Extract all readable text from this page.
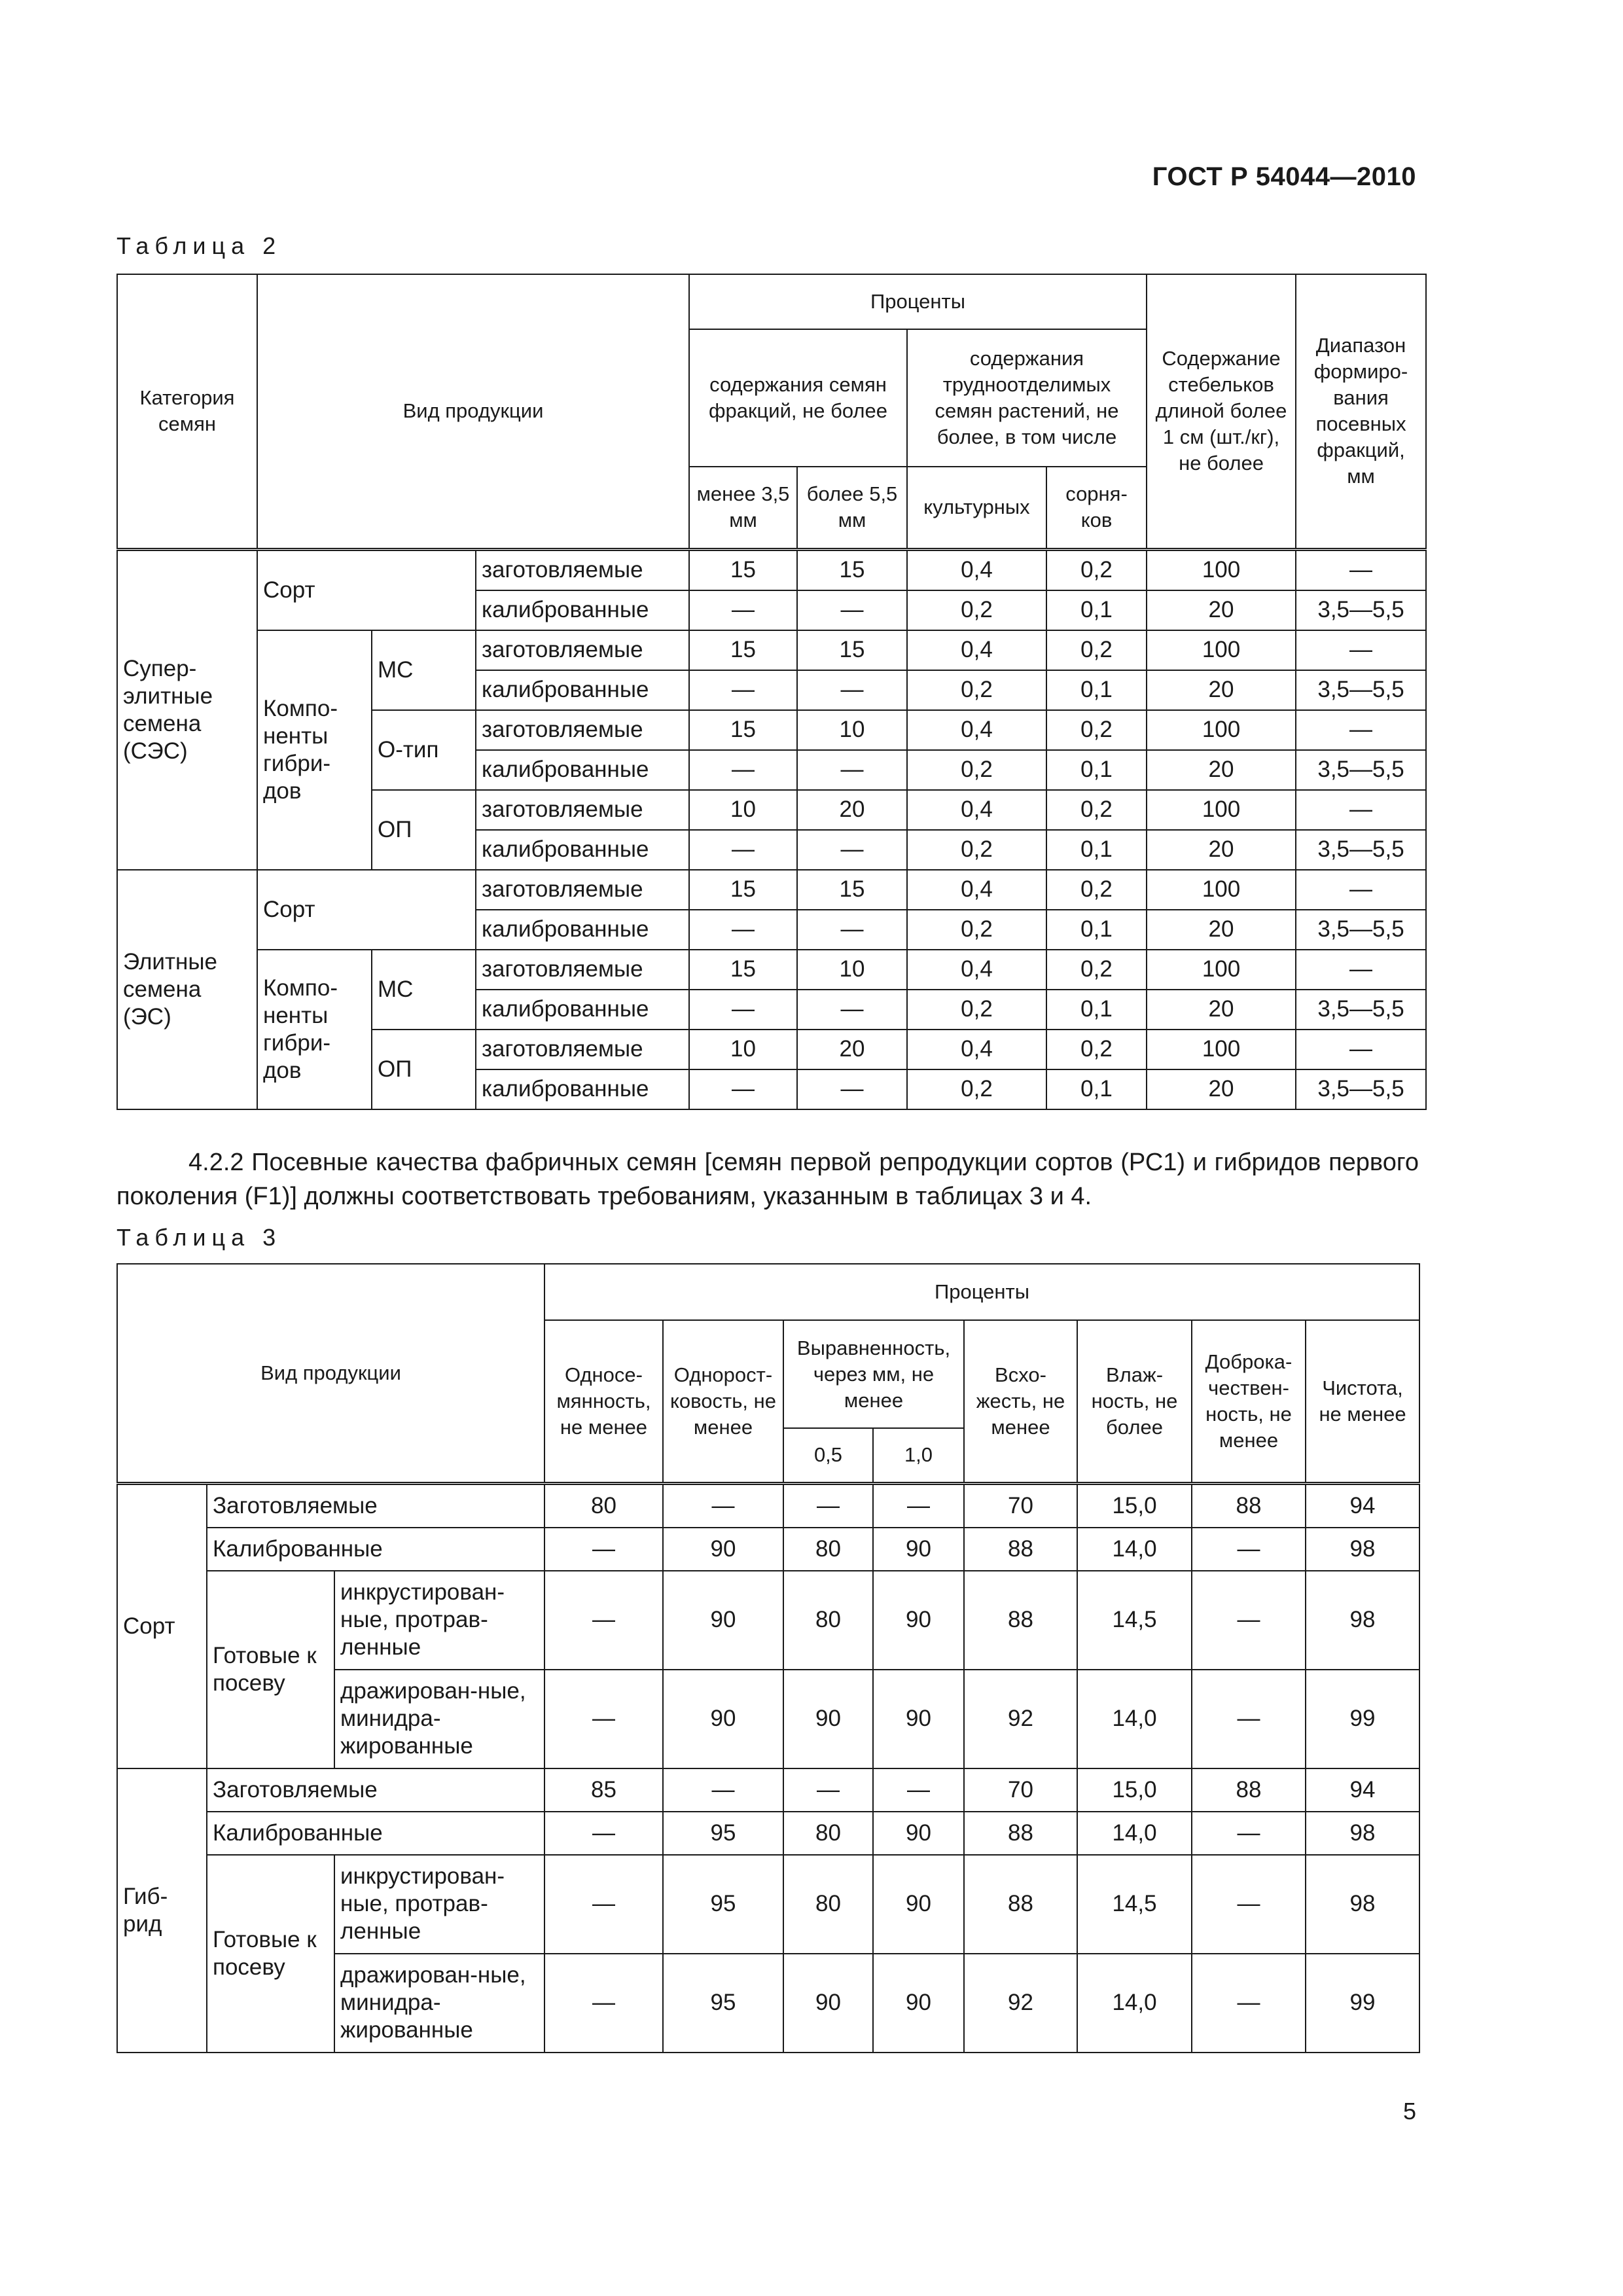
ГОСТ Р 54044—2010
Таблица 2
Категория семян	Вид продукции			Проценты				Содержание стебельков длиной более 1 см (шт./кг), не более	Диапазон формиро-вания посевных фракций, мм
				содержания семян фракций, не более		содержания трудноотделимых семян растений, не более, в том числе			
				менее 3,5 мм	более 5,5 мм	культурных	сорня-ков		
Супер-элитные семена (СЭС)	Сорт		заготовляемые	15	15	0,4	0,2	100	—
			калиброванные	—	—	0,2	0,1	20	3,5—5,5
	Компо-ненты гибри-дов	МС	заготовляемые	15	15	0,4	0,2	100	—
			калиброванные	—	—	0,2	0,1	20	3,5—5,5
		О-тип	заготовляемые	15	10	0,4	0,2	100	—
			калиброванные	—	—	0,2	0,1	20	3,5—5,5
		ОП	заготовляемые	10	20	0,4	0,2	100	—
			калиброванные	—	—	0,2	0,1	20	3,5—5,5
Элитные семена (ЭС)	Сорт		заготовляемые	15	15	0,4	0,2	100	—
			калиброванные	—	—	0,2	0,1	20	3,5—5,5
	Компо-ненты гибри-дов	МС	заготовляемые	15	10	0,4	0,2	100	—
			калиброванные	—	—	0,2	0,1	20	3,5—5,5
		ОП	заготовляемые	10	20	0,4	0,2	100	—
			калиброванные	—	—	0,2	0,1	20	3,5—5,5
4.2.2 Посевные качества фабричных семян [семян первой репродукции сортов (РС1) и гибридов первого поколения (F1)] должны соответствовать требованиям, указанным в таблицах 3 и 4.
Таблица 3
Вид продукции			Проценты							
			Односе-мянность, не менее	Однорост-ковость, не менее	Выравненность, через мм, не менее		Всхо-жесть, не менее	Влаж-ность, не более	Доброка-чествен-ность, не менее	Чистота, не менее
					0,5	1,0				
Сорт	Заготовляемые		80	—	—	—	70	15,0	88	94
	Калиброванные		—	90	80	90	88	14,0	—	98
	Готовые к посеву	инкрустирован-ные, протрав-ленные	—	90	80	90	88	14,5	—	98
		дражирован-ные, минидра-жированные	—	90	90	90	92	14,0	—	99
Гиб-рид	Заготовляемые		85	—	—	—	70	15,0	88	94
	Калиброванные		—	95	80	90	88	14,0	—	98
	Готовые к посеву	инкрустирован-ные, протрав-ленные	—	95	80	90	88	14,5	—	98
		дражирован-ные, минидра-жированные	—	95	90	90	92	14,0	—	99
5
